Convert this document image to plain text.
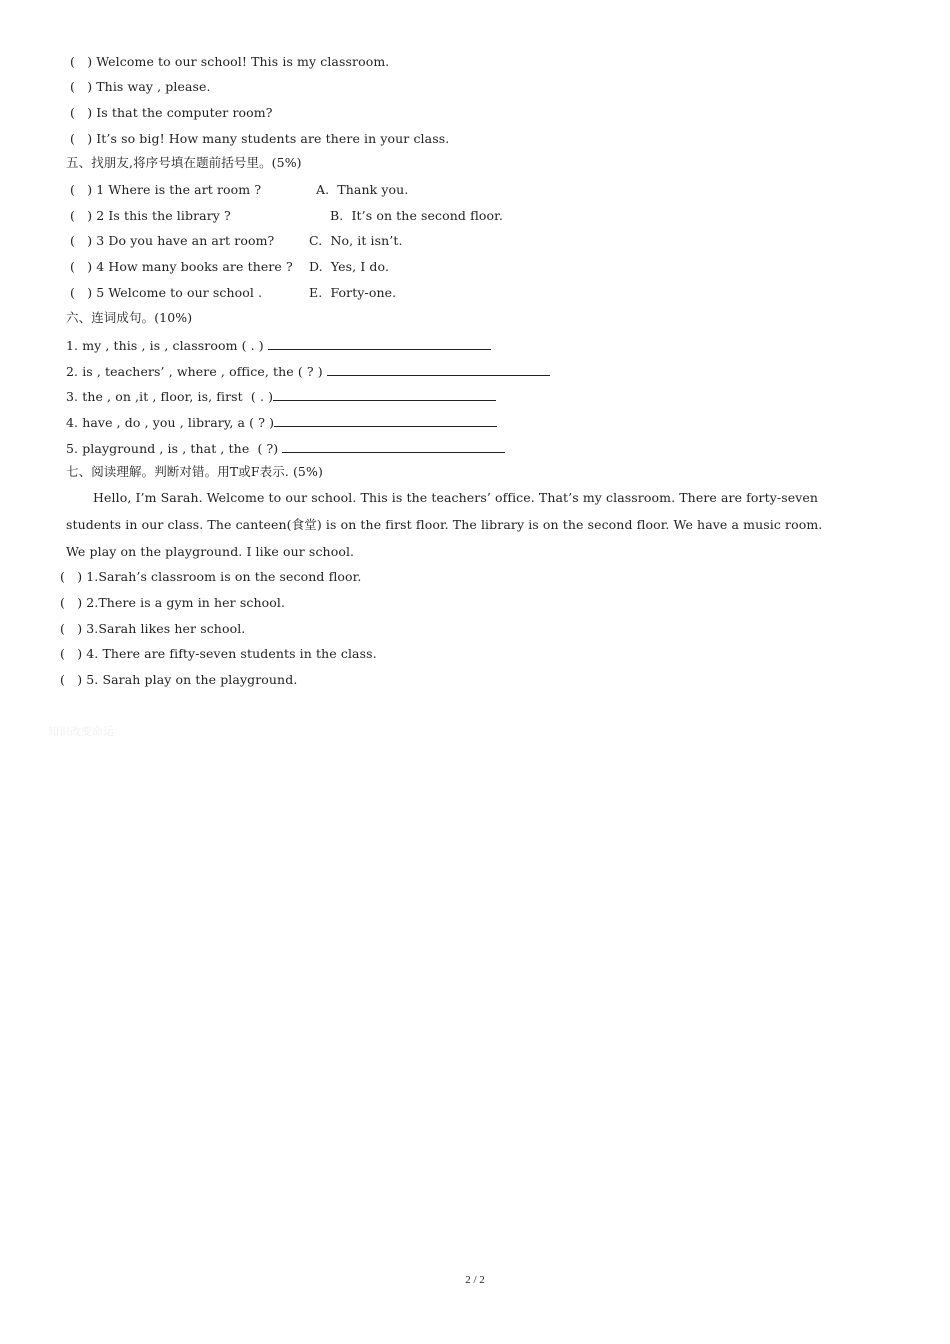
(   ) Welcome to our school! This is my classroom.
(   ) This way , please.
(   ) Is that the computer room?
(   ) It’s so big! How many students are there in your class.
五、找朋友,将序号填在题前括号里。(5%)
(   ) 1 Where is the art room ?	A.  Thank you.
(   ) 2 Is this the library ?	B.  It’s on the second floor.
(   ) 3 Do you have an art room?	C.  No, it isn’t.
(   ) 4 How many books are there ? D.  Yes, I do.
(   ) 5 Welcome to our school .	E.  Forty-one.
六、连词成句。(10%)
1. my , this , is , classroom ( . )
2. is , teachers’ , where , office, the ( ? )
3. the , on ,it , floor, is, first  ( . )
4. have , do , you , library, a ( ? )
5. playground , is , that , the  ( ?)
七、阅读理解。判断对错。用T或F表示. (5%)
Hello, I’m Sarah. Welcome to our school. This is the teachers’ office. That’s my classroom. There are forty-seven
students in our class. The canteen(食堂) is on the first floor. The library is on the second floor. We have a music room.
We play on the playground. I like our school.
(   ) 1.Sarah’s classroom is on the second floor.
(   ) 2.There is a gym in her school.
(   ) 3.Sarah likes her school.
(   ) 4. There are fifty-seven students in the class.
(   ) 5. Sarah play on the playground.
知识改变命运
2 / 2
